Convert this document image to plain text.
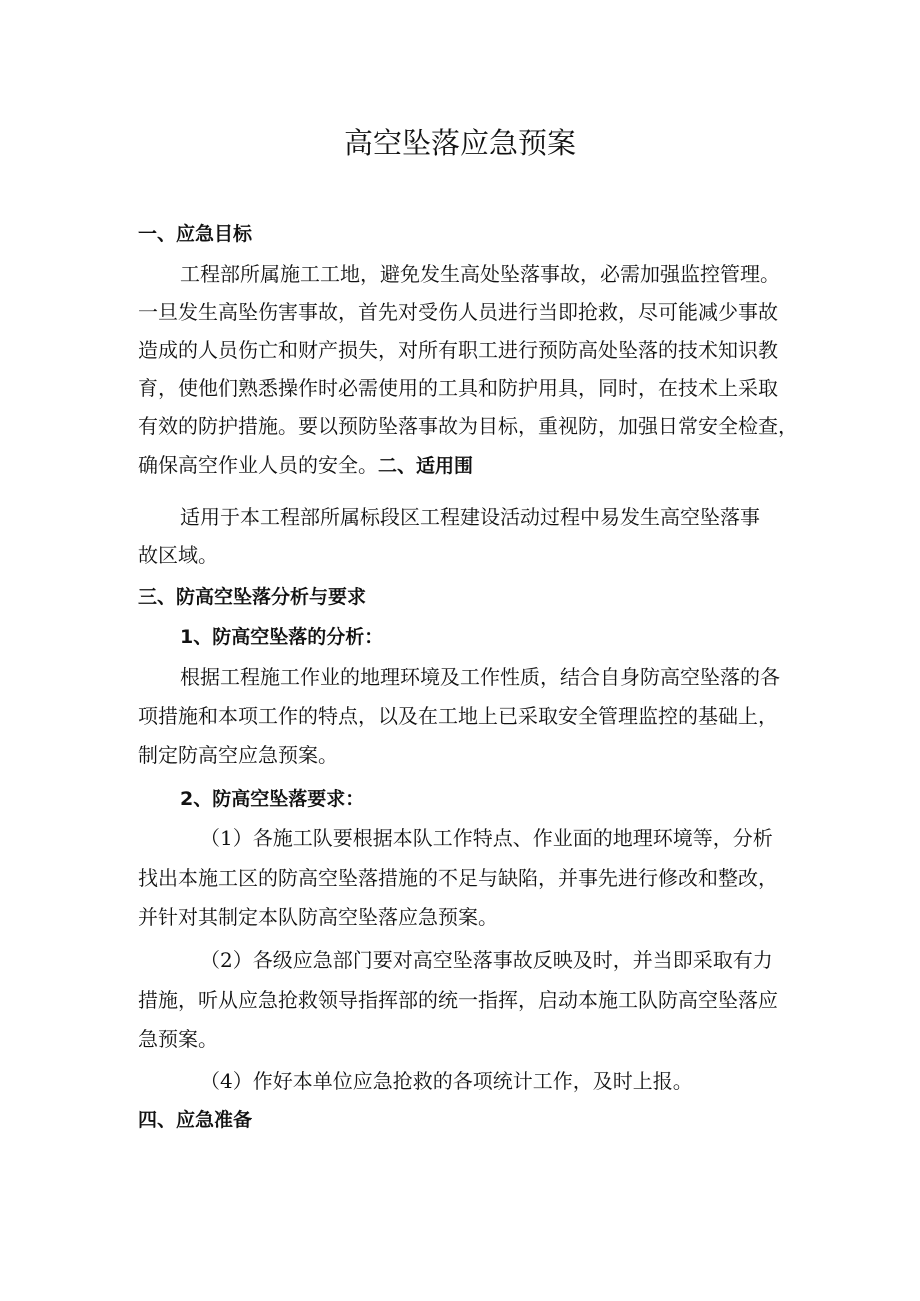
高空坠落应急预案

一、应急目标

工程部所属施工工地，避免发生高处坠落事故，必需加强监控管理。

一旦发生高坠伤害事故，首先对受伤人员进行当即抢救，尽可能减少事故

造成的人员伤亡和财产损失，对所有职工进行预防高处坠落的技术知识教

育，使他们熟悉操作时必需使用的工具和防护用具，同时，在技术上采取

有效的防护措施。要以预防坠落事故为目标，重视防，加强日常安全检查，

确保高空作业人员的安全。二、适用围

适用于本工程部所属标段区工程建设活动过程中易发生高空坠落事

故区域。

三、防高空坠落分析与要求

1、防高空坠落的分析：

根据工程施工作业的地理环境及工作性质，结合自身防高空坠落的各

项措施和本项工作的特点，以及在工地上已采取安全管理监控的基础上，

制定防高空应急预案。

2、防高空坠落要求：

（1）各施工队要根据本队工作特点、作业面的地理环境等，分析

找出本施工区的防高空坠落措施的不足与缺陷，并事先进行修改和整改，

并针对其制定本队防高空坠落应急预案。

（2）各级应急部门要对高空坠落事故反映及时，并当即采取有力

措施，听从应急抢救领导指挥部的统一指挥，启动本施工队防高空坠落应

急预案。

（4）作好本单位应急抢救的各项统计工作，及时上报。

四、应急准备
